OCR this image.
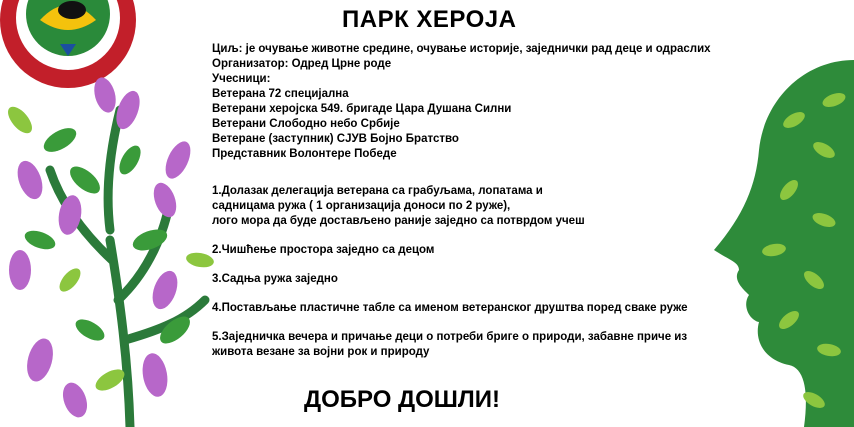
ПАРК ХЕРОЈА

Циљ: је очување животне средине, очување историје, заједнички рад деце и одраслих

Организатор: Одред Црне роде

Учесници:

Ветерана 72 специјална

Ветерани херојска 549. бригаде Цара Душана Силни

Ветерани Слободно небо Србије

Ветеране (заступник) СЈУВ Бојно Братство

Представник Волонтере Победе

1.Долазак делегација ветерана са грабуљама, лопатама и
садницама ружа ( 1 организација доноси по 2 руже),
лого мора да буде достављено раније заједно са потврдом учеш

2.Чишћење простора заједно са децом

3.Садња ружа заједно

4.Постављање пластичне табле са именом ветеранског друштва поред сваке руже

5.Заједничка вечера и причање деци о потреби бриге о природи, забавне приче из
живота везане за војни рок и природу

ДОБРО ДОШЛИ!
